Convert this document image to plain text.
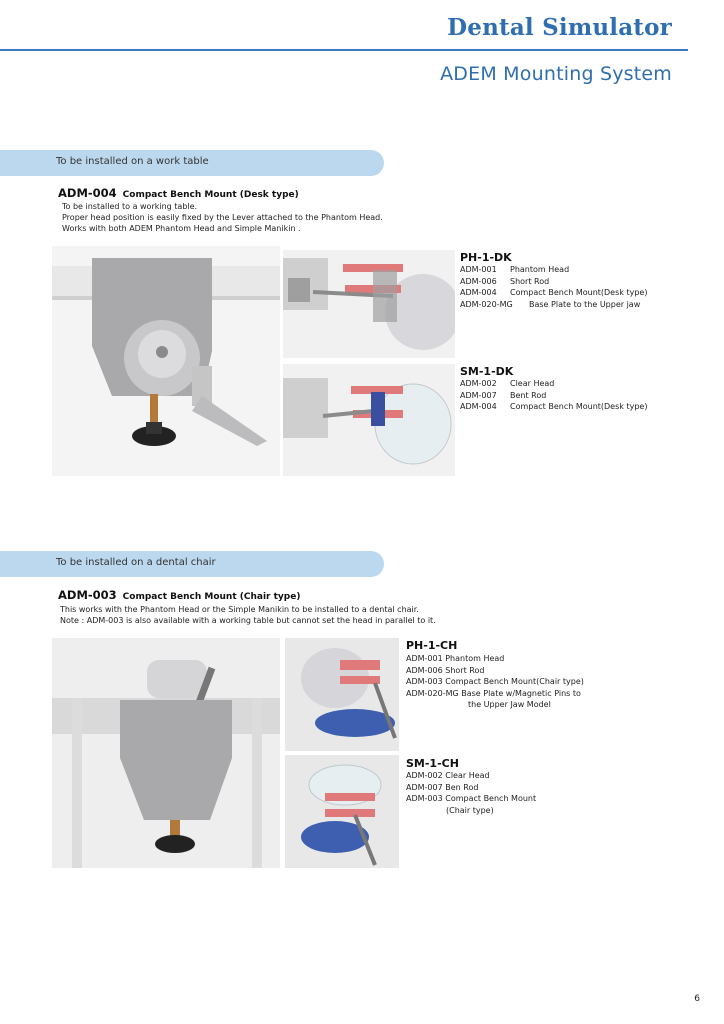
Dental Simulator
ADEM Mounting System
To be installed on a work table
ADM-004 Compact Bench Mount (Desk type)
To be installed to a working table.
Proper head position is easily fixed by the Lever attached to the Phantom Head.
Works with both ADEM Phantom Head and Simple Manikin .
PH-1-DK
ADM-001 Phantom Head
ADM-006 Short Rod
ADM-004 Compact Bench Mount(Desk type)
ADM-020-MG Base Plate to the Upper jaw
SM-1-DK
ADM-002 Clear Head
ADM-007 Bent Rod
ADM-004 Compact Bench Mount(Desk type)
To be installed on a dental chair
ADM-003 Compact Bench Mount (Chair type)
This works with the Phantom Head or the Simple Manikin to be installed to a dental chair.
Note : ADM-003 is also available with a working table but cannot set the head in parallel to it.
PH-1-CH
ADM-001 Phantom Head
ADM-006 Short Rod
ADM-003 Compact Bench Mount(Chair type)
ADM-020-MG Base Plate w/Magnetic Pins to
the Upper Jaw Model
SM-1-CH
ADM-002 Clear Head
ADM-007 Ben Rod
ADM-003 Compact Bench Mount
(Chair type)
6
